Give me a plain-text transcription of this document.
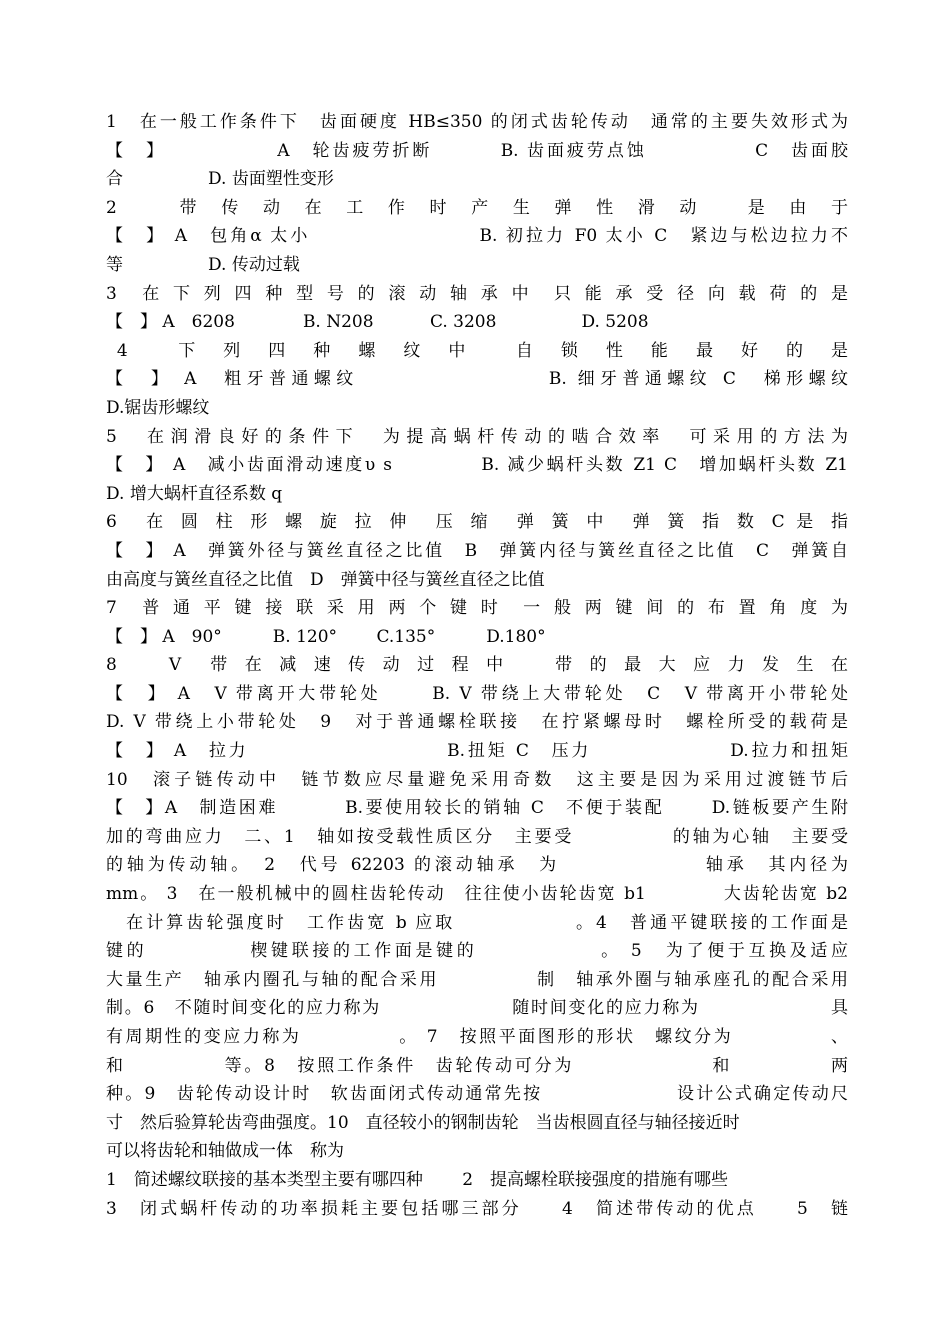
1　在一般工作条件下　齿面硬度 HB≤350 的闭式齿轮传动　通常的主要失效形式为
【　】　　　　　　A　轮齿疲劳折断　　　 B. 齿面疲劳点蚀　　　　　 C　齿面胶
合　　　　　D. 齿面塑性变形
2　　带 传 动 在 工 作 时 产 生 弹 性 滑 动　 是 由 于
【　】 A　包角α 太小　　　　　　　　 B. 初拉力 F0 太小 C　紧边与松边拉力不
等　　　　　D. 传动过载
3　在 下 列 四 种 型 号 的 滚 动 轴 承 中　只 能 承 受 径 向 载 荷 的 是
【　】 A　6208　　　　B. N208　　　 C. 3208　　　　　D. 5208
4　　下　列　四　种　螺　纹　中　　自　锁　性　能　最　好　的　是
【　】 A　粗牙普通螺纹　　　　　　　　 B. 细牙普通螺纹 C　梯形螺纹
D.锯齿形螺纹
5　在润滑良好的条件下　为提高蜗杆传动的啮合效率　可采用的方法为
【　】 A　减小齿面滑动速度υ s　　　　 B. 减少蜗杆头数 Z1 C　增加蜗杆头数 Z1
D. 增大蜗杆直径系数 q
6　在 圆 柱 形 螺 旋 拉 伸　压 缩　弹 簧 中　弹 簧 指 数 C 是 指
【　】 A　弹簧外径与簧丝直径之比值　B　弹簧内径与簧丝直径之比值　C　弹簧自
由高度与簧丝直径之比值　D　弹簧中径与簧丝直径之比值
7　普 通 平 键 接 联 采 用 两 个 键 时　一 般 两 键 间 的 布 置 角 度 为
【　】 A　90°　　　B. 120°　　 C.135°　　　D.180°
8　　V　带 在 减 速 传 动 过 程 中　　带 的 最 大 应 力 发 生 在
【　】 A　V 带离开大带轮处　　 B. V 带绕上大带轮处　C　V 带离开小带轮处
D. V 带绕上小带轮处　9　对于普通螺栓联接　在拧紧螺母时　螺栓所受的载荷是
【　】 A　拉力　　　　　　　　　　B.扭矩 C　压力　　　　　　　D.拉力和扭矩
10　滚子链传动中　链节数应尽量避免采用奇数　这主要是因为采用过渡链节后
【　】A　制造困难　　　 B.要使用较长的销轴 C　不便于装配　　 D.链板要产生附
加的弯曲应力　二、1　轴如按受载性质区分　主要受　　　　　的轴为心轴　主要受
的轴为传动轴。　2　代号 62203 的滚动轴承　为　　　　　　　轴承　其内径为
mm。 3　在一般机械中的圆柱齿轮传动　往往使小齿轮齿宽 b1　　　　大齿轮齿宽 b2
　在计算齿轮强度时　工作齿宽 b 应取　　　　　　。4　普通平键联接的工作面是
键的　　　　　楔键联接的工作面是键的　　　　　　。 5　为了便于互换及适应
大量生产　轴承内圈孔与轴的配合采用　　　　　制　轴承外圈与轴承座孔的配合采用
制。6　不随时间变化的应力称为　　　　　　　随时间变化的应力称为　　　　　　　具
有周期性的变应力称为　　　　　。 7　按照平面图形的形状　螺纹分为　　　　　、
和　　　　　等。8　按照工作条件　齿轮传动可分为　　　　　　　和　　　　　两
种。9　齿轮传动设计时　软齿面闭式传动通常先按　　　　　　　设计公式确定传动尺
寸　然后验算轮齿弯曲强度。10　直径较小的钢制齿轮　当齿根圆直径与轴径接近时
可以将齿轮和轴做成一体　称为
1　简述螺纹联接的基本类型主要有哪四种　　 2　提高螺栓联接强度的措施有哪些
3　闭式蜗杆传动的功率损耗主要包括哪三部分　　4　简述带传动的优点　　5　链
